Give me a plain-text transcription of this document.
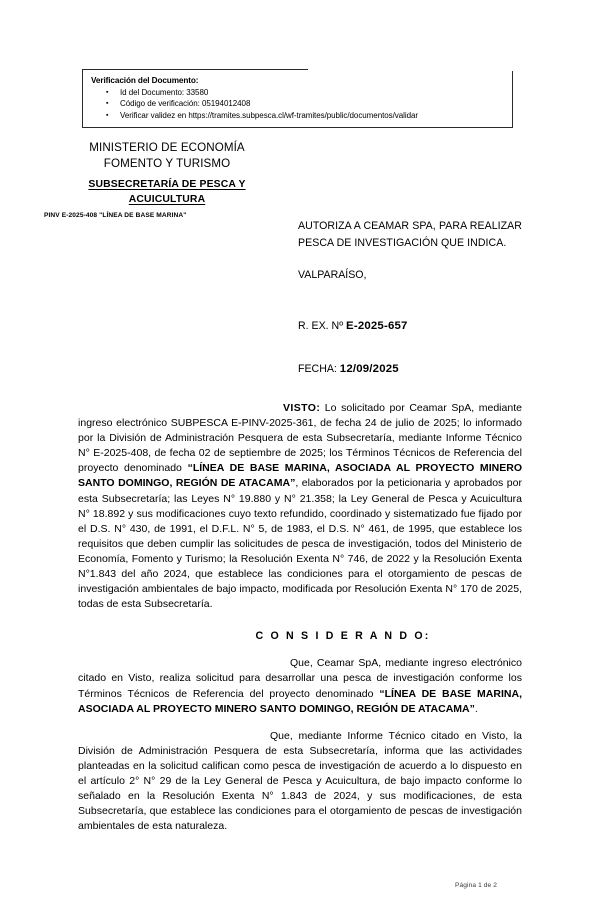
Verificación del Documento:
▪ Id del Documento: 33580
▪ Código de verificación: 05194012408
▪ Verificar validez en https://tramites.subpesca.cl/wf-tramites/public/documentos/validar
MINISTERIO DE ECONOMÍA
FOMENTO Y TURISMO
SUBSECRETARÍA DE PESCA Y
ACUICULTURA
PINV E-2025-408 "LÍNEA DE BASE MARINA"
AUTORIZA A CEAMAR SPA, PARA REALIZAR PESCA DE INVESTIGACIÓN QUE INDICA.
VALPARAÍSO,
R. EX. Nº E-2025-657
FECHA: 12/09/2025

VISTO: Lo solicitado por Ceamar SpA, mediante ingreso electrónico SUBPESCA E-PINV-2025-361, de fecha 24 de julio de 2025; lo informado por la División de Administración Pesquera de esta Subsecretaría, mediante Informe Técnico N° E-2025-408, de fecha 02 de septiembre de 2025; los Términos Técnicos de Referencia del proyecto denominado “LÍNEA DE BASE MARINA, ASOCIADA AL PROYECTO MINERO SANTO DOMINGO, REGIÓN DE ATACAMA”, elaborados por la peticionaria y aprobados por esta Subsecretaría; las Leyes N° 19.880 y N° 21.358; la Ley General de Pesca y Acuicultura N° 18.892 y sus modificaciones cuyo texto refundido, coordinado y sistematizado fue fijado por el D.S. N° 430, de 1991, el D.F.L. N° 5, de 1983, el D.S. N° 461, de 1995, que establece los requisitos que deben cumplir las solicitudes de pesca de investigación, todos del Ministerio de Economía, Fomento y Turismo; la Resolución Exenta N° 746, de 2022 y la Resolución Exenta N°1.843 del año 2024, que establece las condiciones para el otorgamiento de pescas de investigación ambientales de bajo impacto, modificada por Resolución Exenta N° 170 de 2025, todas de esta Subsecretaría.

C O N S I D E R A N D O:

Que, Ceamar SpA, mediante ingreso electrónico citado en Visto, realiza solicitud para desarrollar una pesca de investigación conforme los Términos Técnicos de Referencia del proyecto denominado “LÍNEA DE BASE MARINA, ASOCIADA AL PROYECTO MINERO SANTO DOMINGO, REGIÓN DE ATACAMA”.

Que, mediante Informe Técnico citado en Visto, la División de Administración Pesquera de esta Subsecretaría, informa que las actividades planteadas en la solicitud califican como pesca de investigación de acuerdo a lo dispuesto en el artículo 2° N° 29 de la Ley General de Pesca y Acuicultura, de bajo impacto conforme lo señalado en la Resolución Exenta N° 1.843 de 2024, y sus modificaciones, de esta Subsecretaría, que establece las condiciones para el otorgamiento de pescas de investigación ambientales de esta naturaleza.

Página 1 de 2
